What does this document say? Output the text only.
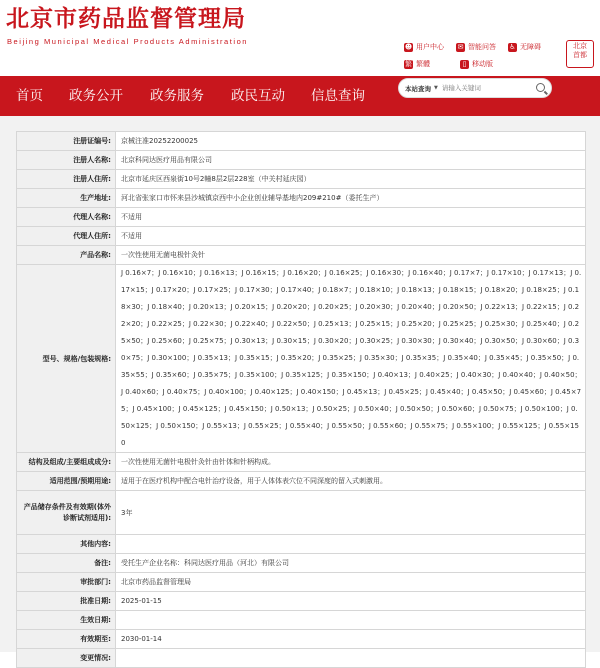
北京市药品监督管理局
Beijing Municipal Medical Products Administration
☻ 用户中心 ✉ 智能问答 ♿ 无障碍
繁 繁體	▯ 移动版
北京
首都
首页 政务公开 政务服务 政民互动 信息查询	本站查询 ▼
请输入关键词
注册证编号:	京械注准20252200025
注册人名称:	北京科同达医疗用品有限公司
注册人住所:	北京市延庆区西泉街10号2幢8层2层228室（中关村延庆园）
生产地址:	河北省张家口市怀来县沙城镇京西中小企业创业辅导基地内209#210#（委托生产）
代理人名称:	不适用
代理人住所:	不适用
产品名称:	一次性使用无菌电极针灸针
型号、规格/包装规格:	J 0.16×7；J 0.16×10；J 0.16×13；J 0.16×15；J 0.16×20；J 0.16×25；J 0.16×30；J 0.16×40；J 0.17×7；J 0.17×10；J 0.17×13；J 0.17×15；J 0.17×20；J 0.17×25；J 0.17×30；J 0.17×40；J 0.18×7；J 0.18×10；J 0.18×13；J 0.18×15；J 0.18×20；J 0.18×25；J 0.18×30；J 0.18×40；J 0.20×13；J 0.20×15；J 0.20×20；J 0.20×25；J 0.20×30；J 0.20×40；J 0.20×50；J 0.22×13；J 0.22×15；J 0.22×20；J 0.22×25；J 0.22×30；J 0.22×40；J 0.22×50；J 0.25×13；J 0.25×15；J 0.25×20；J 0.25×25；J 0.25×30；J 0.25×40；J 0.25×50；J 0.25×60；J 0.25×75；J 0.30×13；J 0.30×15；J 0.30×20；J 0.30×25；J 0.30×30；J 0.30×40；J 0.30×50；J 0.30×60；J 0.30×75；J 0.30×100；J 0.35×13；J 0.35×15；J 0.35×20；J 0.35×25；J 0.35×30；J 0.35×35；J 0.35×40；J 0.35×45；J 0.35×50；J 0.35×55；J 0.35×60；J 0.35×75；J 0.35×100；J 0.35×125；J 0.35×150；J 0.40×13；J 0.40×25；J 0.40×30；J 0.40×40；J 0.40×50；J 0.40×60；J 0.40×75；J 0.40×100；J 0.40×125；J 0.40×150；J 0.45×13；J 0.45×25；J 0.45×40；J 0.45×50；J 0.45×60；J 0.45×75；J 0.45×100；J 0.45×125；J 0.45×150；J 0.50×13；J 0.50×25；J 0.50×40；J 0.50×50；J 0.50×60；J 0.50×75；J 0.50×100；J 0.50×125；J 0.50×150；J 0.55×13；J 0.55×25；J 0.55×40；J 0.55×50；J 0.55×60；J 0.55×75；J 0.55×100；J 0.55×125；J 0.55×150
结构及组成/主要组成成分:	一次性使用无菌针电极针灸针由针体和针柄构成。
适用范围/预期用途:	适用于在医疗机构中配合电针治疗设备，用于人体体表穴位不同深度的留入式刺激用。
产品储存条件及有效期(体外诊断试剂适用):	3年
其他内容:	
备注:	受托生产企业名称：科同达医疗用品（河北）有限公司
审批部门:	北京市药品监督管理局
批准日期:	2025-01-15
生效日期:	
有效期至:	2030-01-14
变更情况:	
